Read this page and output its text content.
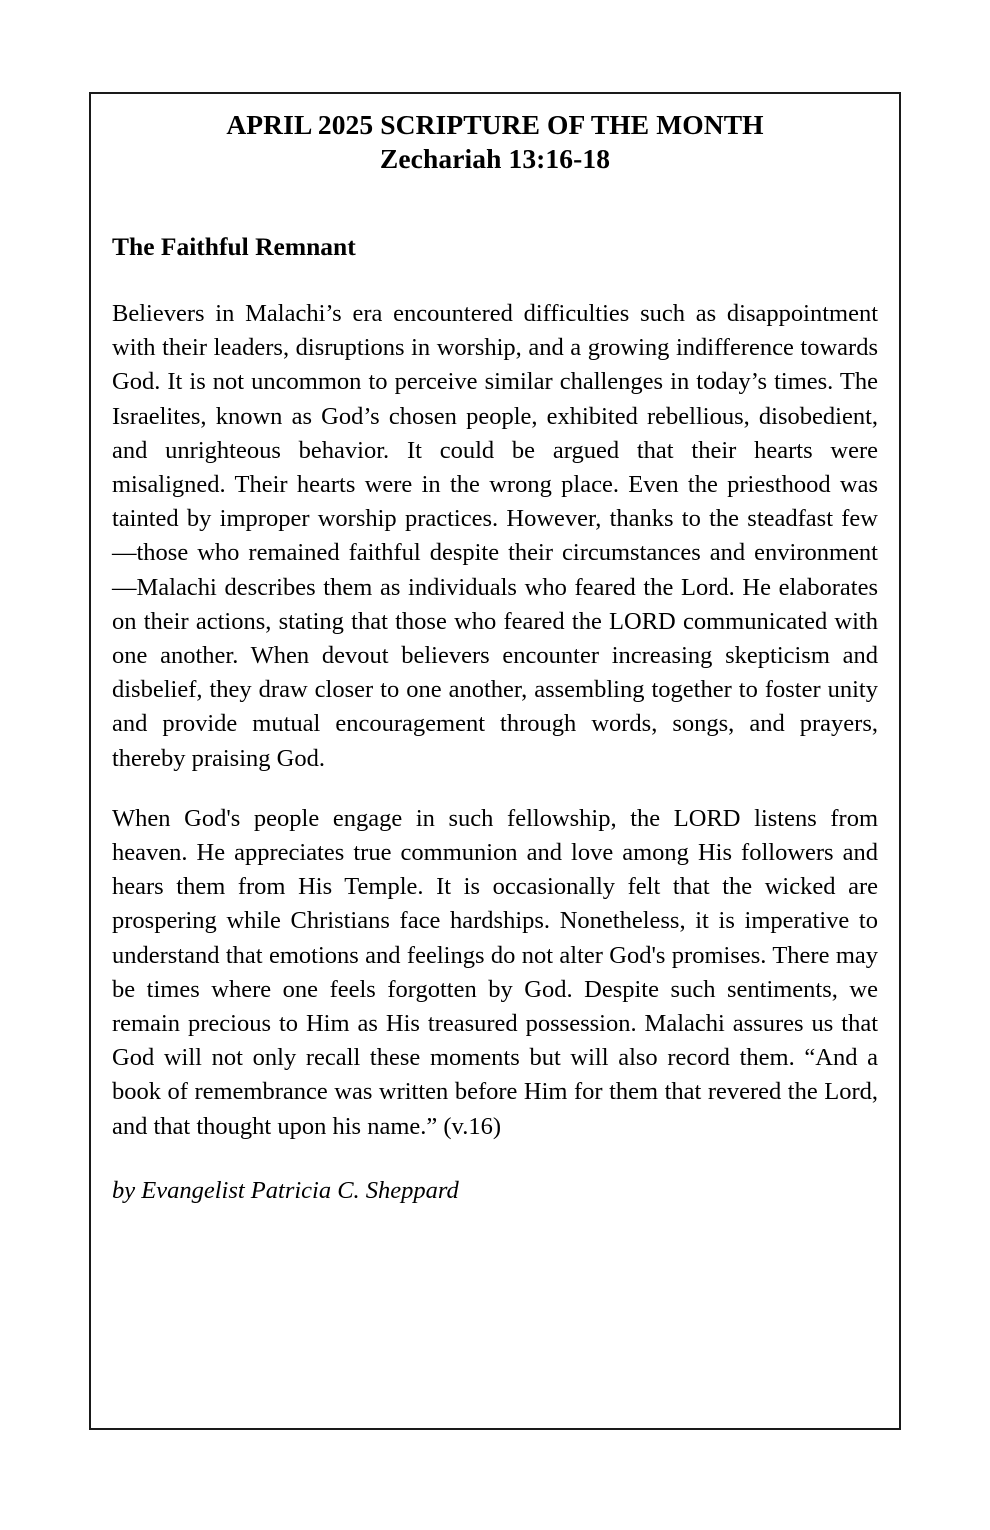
APRIL 2025 SCRIPTURE OF THE MONTH
Zechariah 13:16-18
The Faithful Remnant

Believers in Malachi’s era encountered difficulties such as disappointment with their leaders, disruptions in worship, and a growing indifference towards God. It is not uncommon to perceive similar challenges in today’s times. The Israelites, known as God’s chosen people, exhibited rebellious, disobedient, and unrighteous behavior. It could be argued that their hearts were misaligned. Their hearts were in the wrong place. Even the priesthood was tainted by improper worship practices. However, thanks to the steadfast few—those who remained faithful despite their circumstances and environment—Malachi describes them as individuals who feared the Lord. He elaborates on their actions, stating that those who feared the LORD communicated with one another. When devout believers encounter increasing skepticism and disbelief, they draw closer to one another, assembling together to foster unity and provide mutual encouragement through words, songs, and prayers, thereby praising God.

When God's people engage in such fellowship, the LORD listens from heaven. He appreciates true communion and love among His followers and hears them from His Temple. It is occasionally felt that the wicked are prospering while Christians face hardships. Nonetheless, it is imperative to understand that emotions and feelings do not alter God's promises. There may be times where one feels forgotten by God. Despite such sentiments, we remain precious to Him as His treasured possession. Malachi assures us that God will not only recall these moments but will also record them. “And a book of remembrance was written before Him for them that revered the Lord, and that thought upon his name.” (v.16)

by Evangelist Patricia C. Sheppard
